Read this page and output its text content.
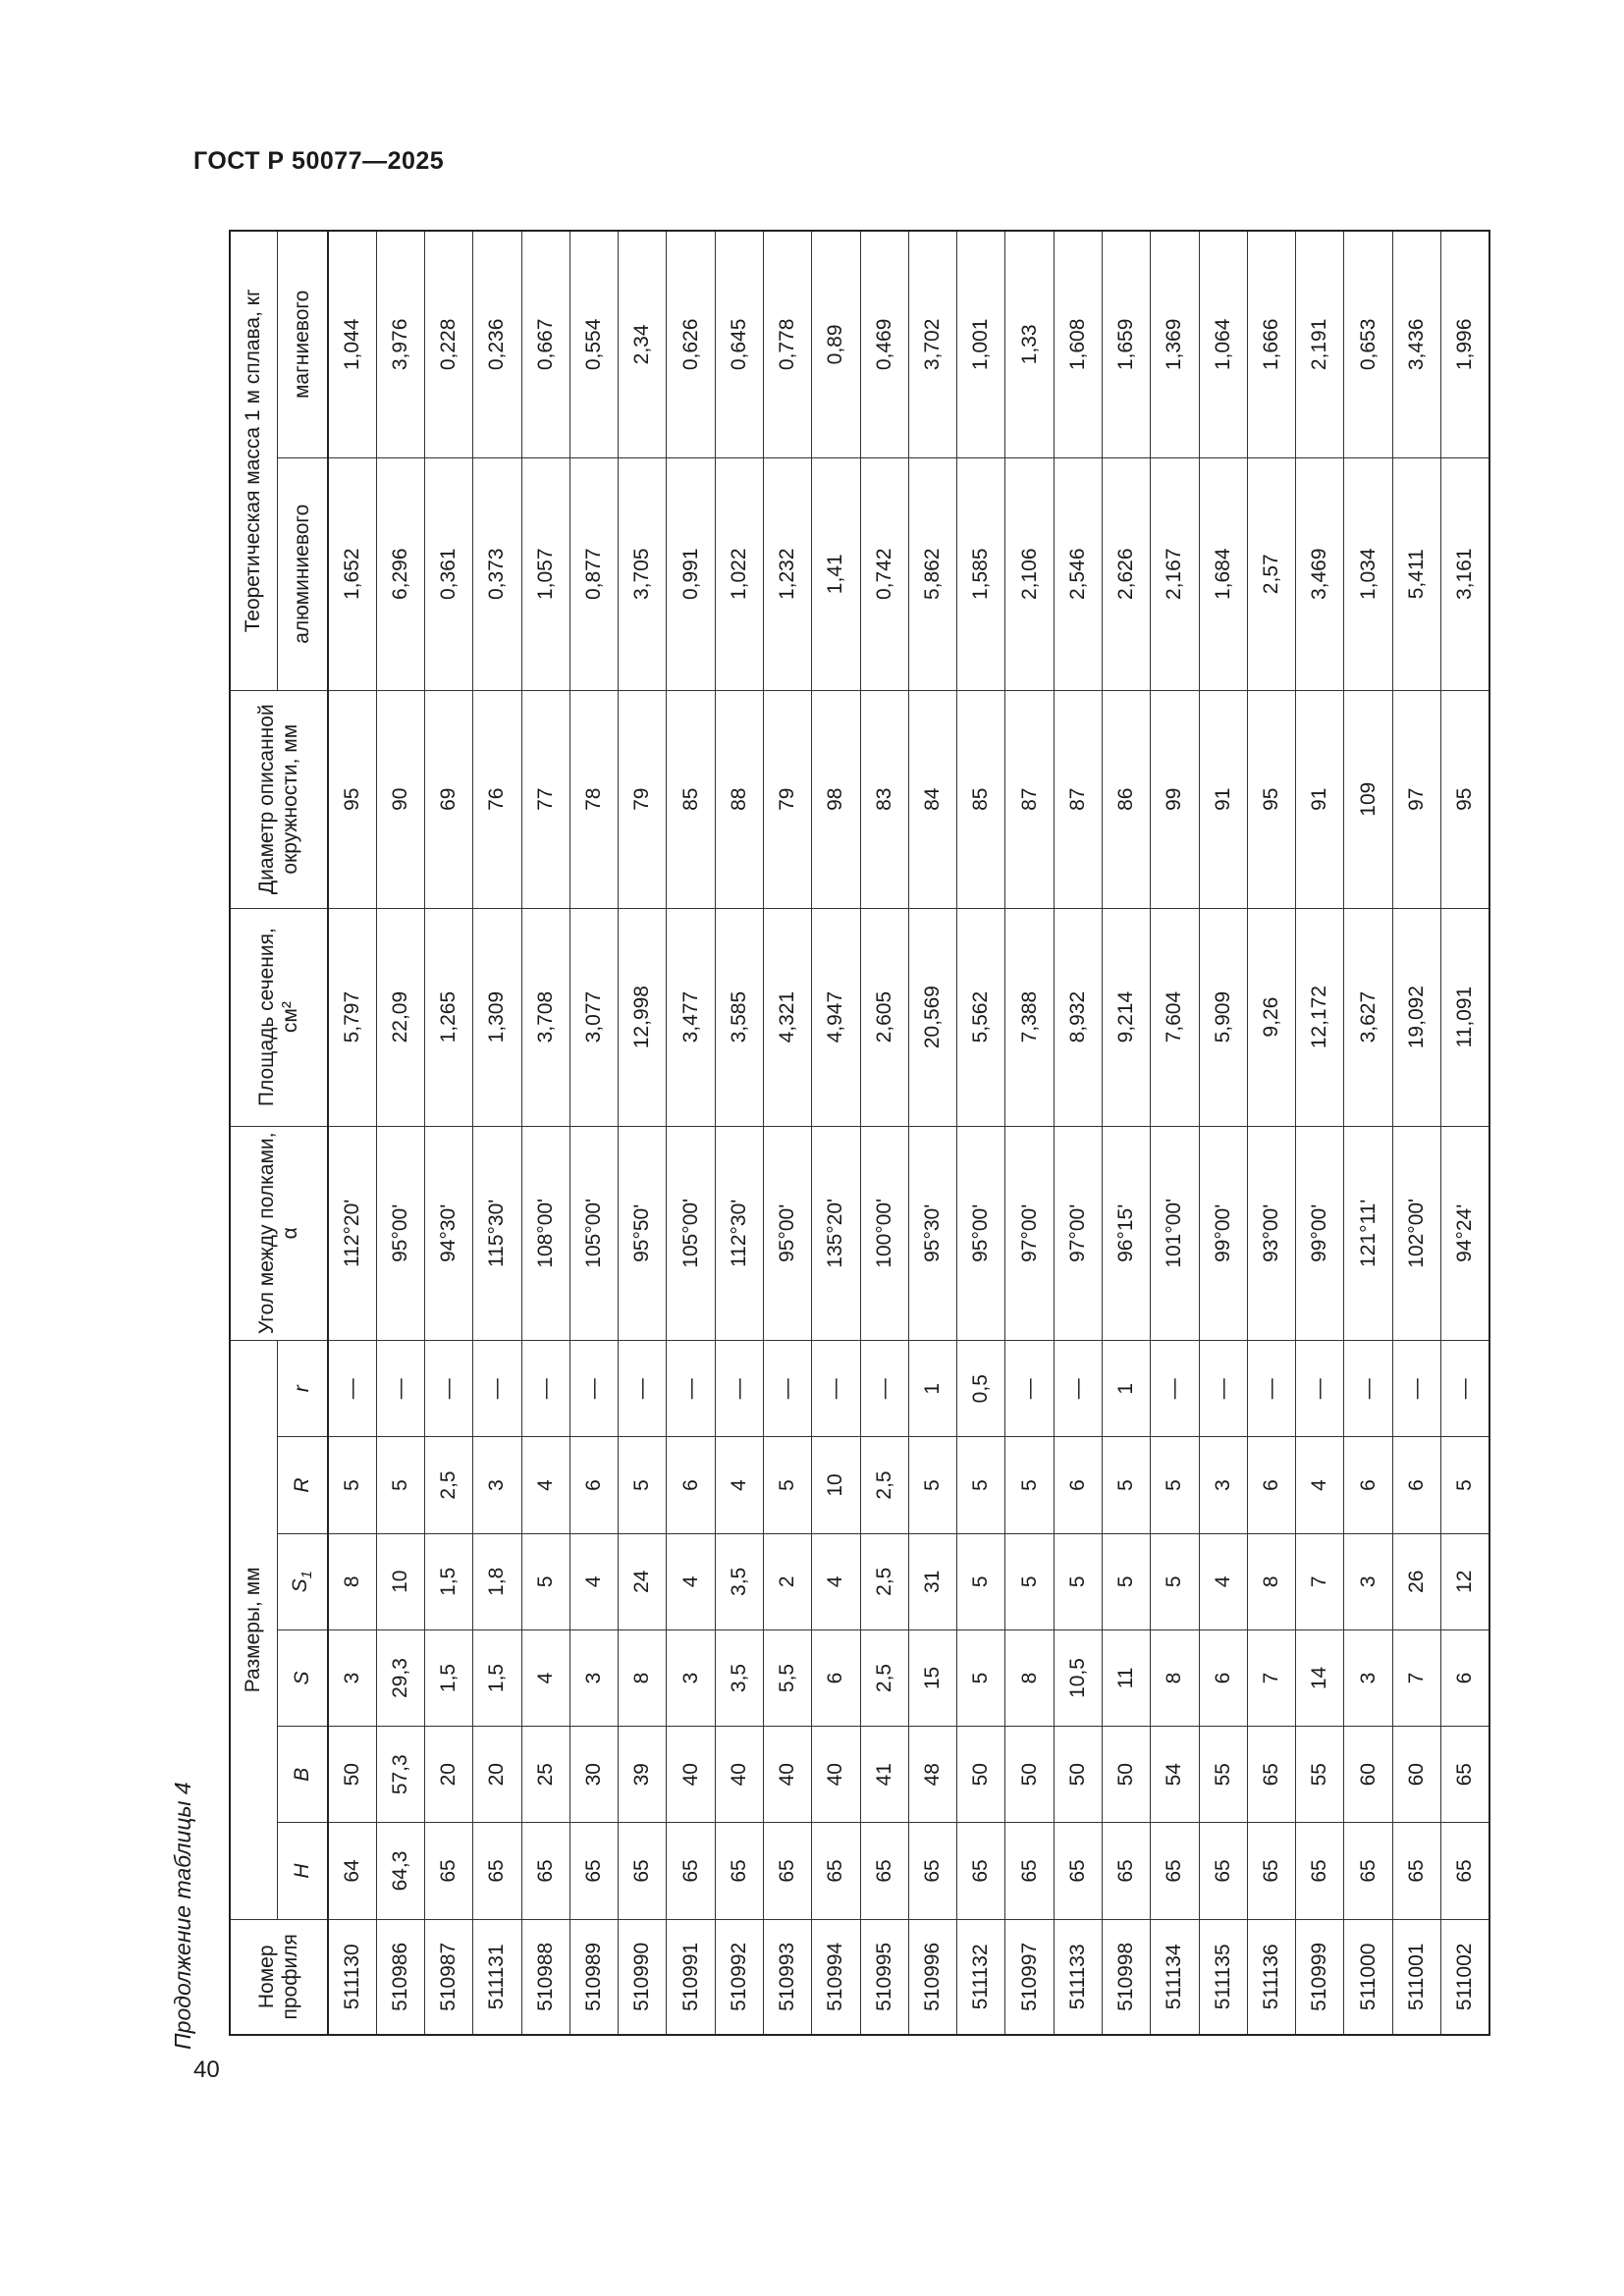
ГОСТ Р 50077—2025
40
Продолжение таблицы 4	Номер профиля	Размеры, мм						Угол между полками, α	Площадь сечения, см²	Диаметр описанной окружности, мм	Теоретическая масса 1 м сплава, кг	
	H	B	S	$S_1$	R	r				алюминиевого	магниевого
511130	64	50	3	8	5	—	112°20'	5,797	95	1,652	1,044
510986	64,3	57,3	29,3	10	5	—	95°00'	22,09	90	6,296	3,976
510987	65	20	1,5	1,5	2,5	—	94°30'	1,265	69	0,361	0,228
511131	65	20	1,5	1,8	3	—	115°30'	1,309	76	0,373	0,236
510988	65	25	4	5	4	—	108°00'	3,708	77	1,057	0,667
510989	65	30	3	4	6	—	105°00'	3,077	78	0,877	0,554
510990	65	39	8	24	5	—	95°50'	12,998	79	3,705	2,34
510991	65	40	3	4	6	—	105°00'	3,477	85	0,991	0,626
510992	65	40	3,5	3,5	4	—	112°30'	3,585	88	1,022	0,645
510993	65	40	5,5	2	5	—	95°00'	4,321	79	1,232	0,778
510994	65	40	6	4	10	—	135°20'	4,947	98	1,41	0,89
510995	65	41	2,5	2,5	2,5	—	100°00'	2,605	83	0,742	0,469
510996	65	48	15	31	5	1	95°30'	20,569	84	5,862	3,702
511132	65	50	5	5	5	0,5	95°00'	5,562	85	1,585	1,001
510997	65	50	8	5	5	—	97°00'	7,388	87	2,106	1,33
511133	65	50	10,5	5	6	—	97°00'	8,932	87	2,546	1,608
510998	65	50	11	5	5	1	96°15'	9,214	86	2,626	1,659
511134	65	54	8	5	5	—	101°00'	7,604	99	2,167	1,369
511135	65	55	6	4	3	—	99°00'	5,909	91	1,684	1,064
511136	65	65	7	8	6	—	93°00'	9,26	95	2,57	1,666
510999	65	55	14	7	4	—	99°00'	12,172	91	3,469	2,191
511000	65	60	3	3	6	—	121°11'	3,627	109	1,034	0,653
511001	65	60	7	26	6	—	102°00'	19,092	97	5,411	3,436
511002	65	65	6	12	5	—	94°24'	11,091	95	3,161	1,996
